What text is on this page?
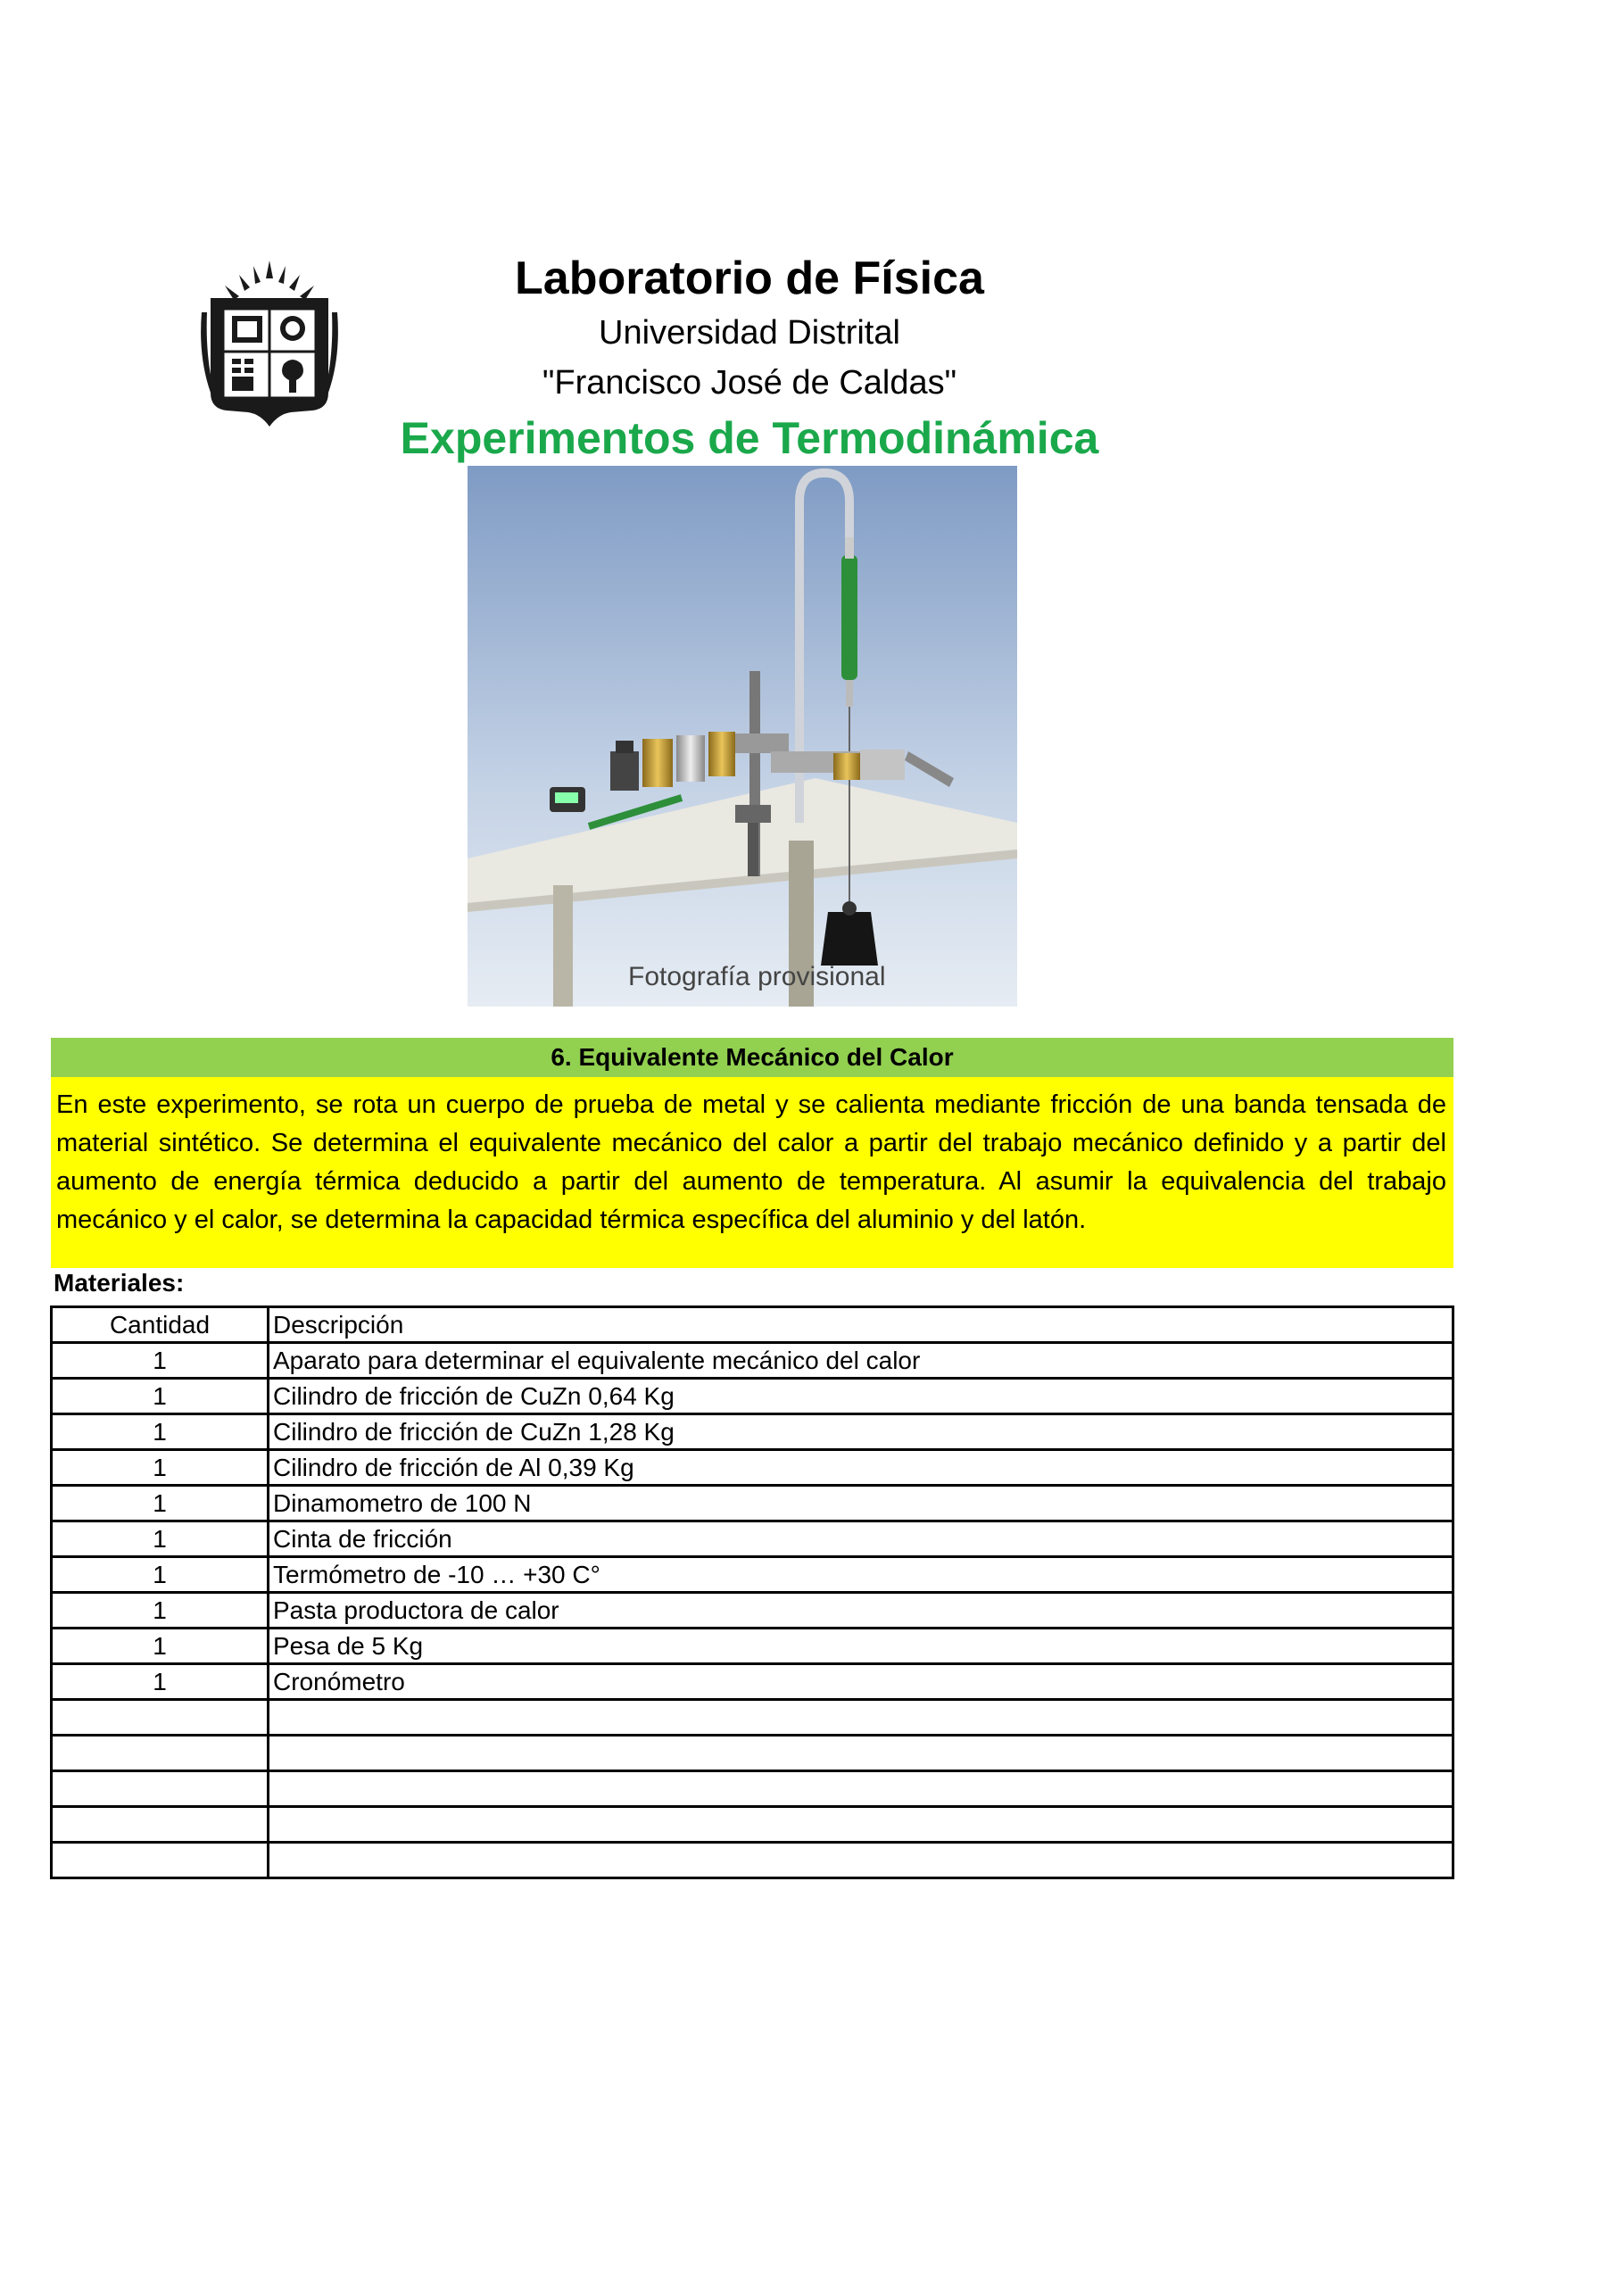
Laboratorio de Física
Universidad Distrital
"Francisco José de Caldas"
Experimentos de Termodinámica
Fotografía provisional
6. Equivalente Mecánico del Calor
En este experimento, se rota un cuerpo de prueba de metal y se calienta mediante fricción de una banda tensada de material sintético. Se determina el equivalente mecánico del calor a partir del trabajo mecánico definido y a partir del aumento de energía térmica deducido a partir del aumento de temperatura. Al asumir la equivalencia del trabajo mecánico y el calor, se determina la capacidad térmica específica del aluminio y del latón.
Materiales:
Cantidad	Descripción
1	Aparato para determinar el equivalente mecánico del calor
1	Cilindro de fricción de CuZn 0,64 Kg
1	Cilindro de fricción de CuZn 1,28 Kg
1	Cilindro de fricción de Al 0,39 Kg
1	Dinamometro de 100 N
1	Cinta de fricción
1	Termómetro de -10 … +30 C°
1	Pasta productora de calor
1	Pesa de 5 Kg
1	Cronómetro
